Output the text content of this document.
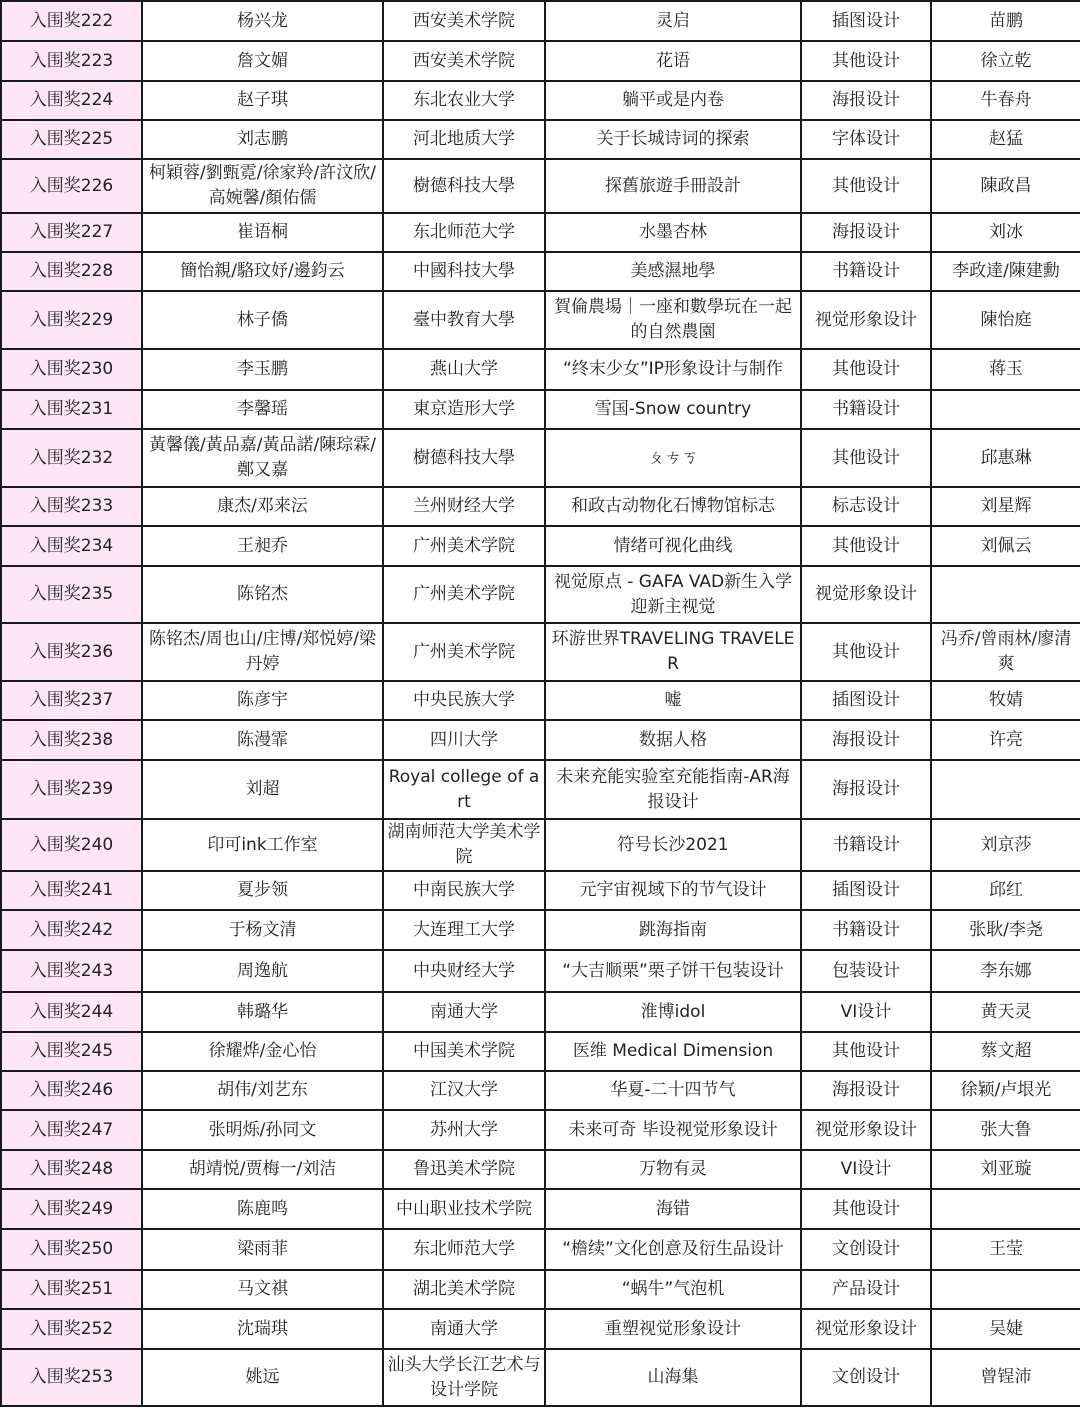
入围奖222	杨兴龙	西安美术学院	灵启	插图设计	苗鹏
入围奖223	詹文媚	西安美术学院	花语	其他设计	徐立乾
入围奖224	赵子琪	东北农业大学	躺平或是内卷	海报设计	牛春舟
入围奖225	刘志鹏	河北地质大学	关于长城诗词的探索	字体设计	赵猛
入围奖226	柯穎蓉/劉甄霓/徐家羚/許汶欣/高婉馨/顏佑儒	樹德科技大學	探舊旅遊手冊設計	其他设计	陳政昌
入围奖227	崔语桐	东北师范大学	水墨杏林	海报设计	刘冰
入围奖228	簡怡親/駱玟妤/邊鈞云	中國科技大學	美感濕地學	书籍设计	李政達/陳建勳
入围奖229	林子僑	臺中教育大學	賀倫農場｜一座和數學玩在一起的自然農園	视觉形象设计	陳怡庭
入围奖230	李玉鹏	燕山大学	“终末少女”IP形象设计与制作	其他设计	蒋玉
入围奖231	李馨瑶	東京造形大学	雪国-Snow country	书籍设计	
入围奖232	黃馨儀/黃品嘉/黃品諾/陳琮霖/鄭又嘉	樹德科技大學	ㄆㄘㄎ	其他设计	邱惠琳
入围奖233	康杰/邓来沄	兰州财经大学	和政古动物化石博物馆标志	标志设计	刘星辉
入围奖234	王昶乔	广州美术学院	情绪可视化曲线	其他设计	刘佩云
入围奖235	陈铭杰	广州美术学院	视觉原点 - GAFA VAD新生入学迎新主视觉	视觉形象设计	
入围奖236	陈铭杰/周也山/庄博/郑悦婷/梁丹婷	广州美术学院	环游世界TRAVELING TRAVELER	其他设计	冯乔/曾雨林/廖清爽
入围奖237	陈彦宇	中央民族大学	嘘	插图设计	牧婧
入围奖238	陈漫霏	四川大学	数据人格	海报设计	许亮
入围奖239	刘超	Royal college of art	未来充能实验室充能指南-AR海报设计	海报设计	
入围奖240	印可ink工作室	湖南师范大学美术学院	符号长沙2021	书籍设计	刘京莎
入围奖241	夏步领	中南民族大学	元宇宙视域下的节气设计	插图设计	邱红
入围奖242	于杨文清	大连理工大学	跳海指南	书籍设计	张耿/李尧
入围奖243	周逸航	中央财经大学	“大吉顺栗”栗子饼干包装设计	包装设计	李东娜
入围奖244	韩璐华	南通大学	淮博idol	VI设计	黄天灵
入围奖245	徐耀烨/金心怡	中国美术学院	医维 Medical Dimension	其他设计	蔡文超
入围奖246	胡伟/刘艺东	江汉大学	华夏-二十四节气	海报设计	徐颖/卢垠光
入围奖247	张明烁/孙同文	苏州大学	未来可奇 毕设视觉形象设计	视觉形象设计	张大鲁
入围奖248	胡靖悦/贾梅一/刘洁	鲁迅美术学院	万物有灵	VI设计	刘亚璇
入围奖249	陈鹿鸣	中山职业技术学院	海错	其他设计	
入围奖250	梁雨菲	东北师范大学	“檐续”文化创意及衍生品设计	文创设计	王莹
入围奖251	马文祺	湖北美术学院	“蜗牛”气泡机	产品设计	
入围奖252	沈瑞琪	南通大学	重塑视觉形象设计	视觉形象设计	吴婕
入围奖253	姚远	汕头大学长江艺术与设计学院	山海集	文创设计	曾锃沛
